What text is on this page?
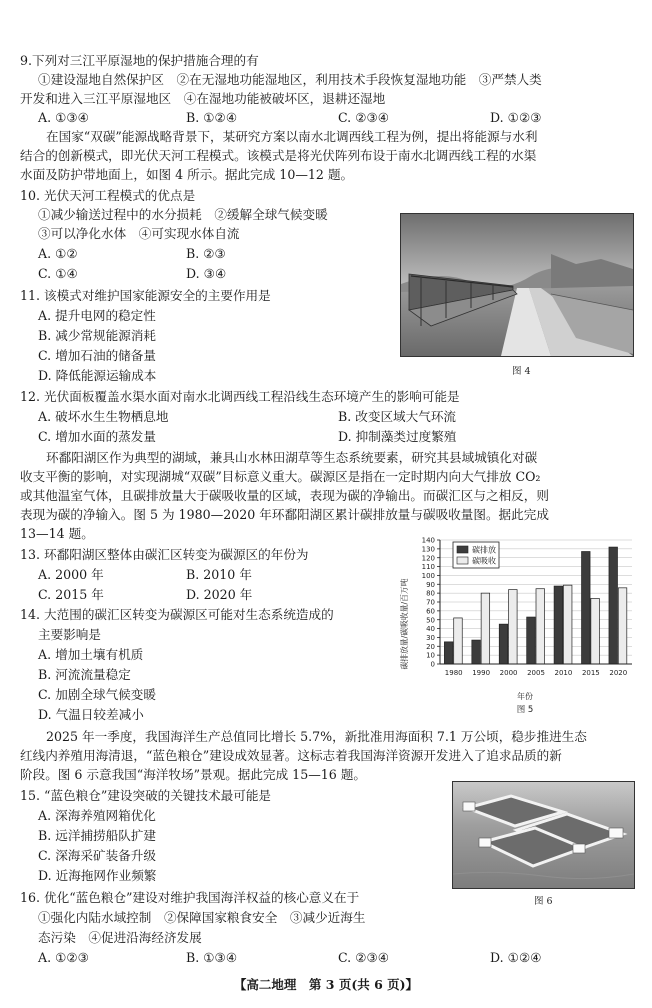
9.下列对三江平原湿地的保护措施合理的有
①建设湿地自然保护区　②在无湿地功能湿地区，利用技术手段恢复湿地功能　③严禁人类
开发和进入三江平原湿地区　④在湿地功能被破坏区，退耕还湿地
A. ①③④	B. ①②④	C. ②③④	D. ①②③
在国家“双碳”能源战略背景下，某研究方案以南水北调西线工程为例，提出将能源与水利
结合的创新模式，即光伏天河工程模式。该模式是将光伏阵列布设于南水北调西线工程的水渠
水面及防护带地面上，如图 4 所示。据此完成 10—12 题。
10. 光伏天河工程模式的优点是
①减少输送过程中的水分损耗　②缓解全球气候变暖
③可以净化水体　④可实现水体自流
A. ①②	B. ②③
C. ①④	D. ③④
11. 该模式对维护国家能源安全的主要作用是
A. 提升电网的稳定性
B. 减少常规能源消耗
C. 增加石油的储备量
D. 降低能源运输成本	图 4
12. 光伏面板覆盖水渠水面对南水北调西线工程沿线生态环境产生的影响可能是
A. 破坏水生生物栖息地	B. 改变区域大气环流
C. 增加水面的蒸发量	D. 抑制藻类过度繁殖
环鄱阳湖区作为典型的湖域，兼具山水林田湖草等生态系统要素，研究其县域城镇化对碳
收支平衡的影响，对实现湖城“双碳”目标意义重大。碳源区是指在一定时期内向大气排放 CO₂
或其他温室气体，且碳排放量大于碳吸收量的区域，表现为碳的净输出。而碳汇区与之相反，则
表现为碳的净输入。图 5 为 1980—2020 年环鄱阳湖区累计碳排放量与碳吸收量图。据此完成
13—14 题。
13. 环鄱阳湖区整体由碳汇区转变为碳源区的年份为
A. 2000 年	B. 2010 年
C. 2015 年	D. 2020 年
14. 大范围的碳汇区转变为碳源区可能对生态系统造成的
主要影响是
A. 增加土壤有机质
B. 河流流量稳定
C. 加剧全球气候变暖
D. 气温日较差减小
0
10
20
30
40
50
60
70
80
90
100
110
120
130
140
1980 1990 2000 2005 2010 2015 2020
碳排放
碳吸收
碳排放量/碳吸收量/百万吨
年份
图 5
2025 年一季度，我国海洋生产总值同比增长 5.7%，新批准用海面积 7.1 万公顷，稳步推进生态
红线内养殖用海清退，“蓝色粮仓”建设成效显著。这标志着我国海洋资源开发进入了追求品质的新
阶段。图 6 示意我国“海洋牧场”景观。据此完成 15—16 题。
15. “蓝色粮仓”建设突破的关键技术最可能是
A. 深海养殖网箱优化
B. 远洋捕捞船队扩建
C. 深海采矿装备升级
D. 近海拖网作业频繁
图 6
16. 优化“蓝色粮仓”建设对维护我国海洋权益的核心意义在于
①强化内陆水域控制　②保障国家粮食安全　③减少近海生
态污染　④促进沿海经济发展
A. ①②③	B. ①③④	C. ②③④	D. ①②④
【高二地理　第 3 页(共 6 页)】
